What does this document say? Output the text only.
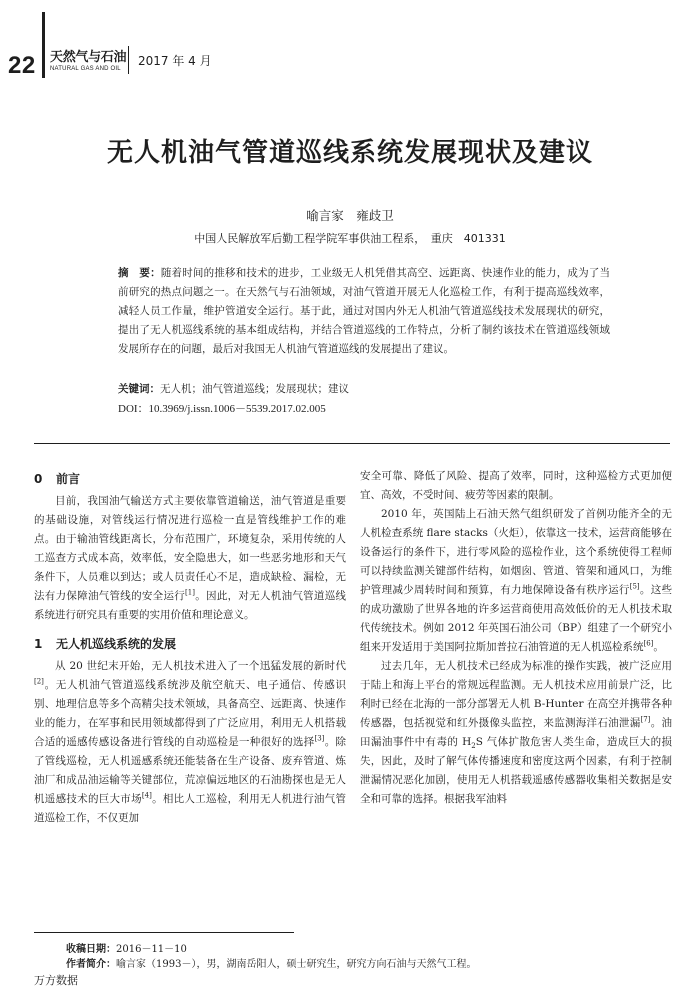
22 天然气与石油
NATURAL GAS AND OIL
2017 年 4 月
无人机油气管道巡线系统发展现状及建议
喻言家　雍歧卫
中国人民解放军后勤工程学院军事供油工程系，　重庆　401331
摘　要：随着时间的推移和技术的进步，工业级无人机凭借其高空、远距离、快速作业的能力，成为了当前研究的热点问题之一。在天然气与石油领域，对油气管道开展无人化巡检工作，有利于提高巡线效率，减轻人员工作量，维护管道安全运行。基于此，通过对国内外无人机油气管道巡线技术发展现状的研究，提出了无人机巡线系统的基本组成结构，并结合管道巡线的工作特点，分析了制约该技术在管道巡线领域发展所存在的问题，最后对我国无人机油气管道巡线的发展提出了建议。
关键词：无人机；油气管道巡线；发展现状；建议
DOI：10.3969/j.issn.1006－5539.2017.02.005
0 前言

目前，我国油气输送方式主要依靠管道输送，油气管道是重要的基础设施，对管线运行情况进行巡检一直是管线维护工作的难点。由于输油管线距离长，分布范围广，环境复杂，采用传统的人工巡查方式成本高，效率低，安全隐患大，如一些恶劣地形和天气条件下，人员难以到达；或人员责任心不足，造成缺检、漏检，无法有力保障油气管线的安全运行[1]。因此，对无人机油气管道巡线系统进行研究具有重要的实用价值和理论意义。

1 无人机巡线系统的发展

从 20 世纪末开始，无人机技术进入了一个迅猛发展的新时代[2]。无人机油气管道巡线系统涉及航空航天、电子通信、传感识别、地理信息等多个高精尖技术领域，具备高空、远距离、快速作业的能力，在军事和民用领域都得到了广泛应用，利用无人机搭载合适的遥感传感设备进行管线的自动巡检是一种很好的选择[3]。除了管线巡检，无人机遥感系统还能装备在生产设备、废弃管道、炼油厂和成品油运输等关键部位，荒凉偏远地区的石油勘探也是无人机遥感技术的巨大市场[4]。相比人工巡检，利用无人机进行油气管道巡检工作，不仅更加

安全可靠、降低了风险、提高了效率，同时，这种巡检方式更加便宜、高效，不受时间、疲劳等因素的限制。

2010 年，英国陆上石油天然气组织研发了首例功能齐全的无人机检查系统 flare stacks（火炬），依靠这一技术，运营商能够在设备运行的条件下，进行零风险的巡检作业，这个系统使得工程师可以持续监测关键部件结构，如烟囱、管道、管架和通风口，为维护管理减少周转时间和预算，有力地保障设备有秩序运行[5]。这些的成功激励了世界各地的许多运营商使用高效低价的无人机技术取代传统技术。例如 2012 年英国石油公司（BP）组建了一个研究小组来开发适用于美国阿拉斯加普拉石油管道的无人机巡检系统[6]。

过去几年，无人机技术已经成为标准的操作实践，被广泛应用于陆上和海上平台的常规远程监测。无人机技术应用前景广泛，比利时已经在北海的一部分部署无人机 B-Hunter 在高空并携带各种传感器，包括视觉和红外摄像头监控，来监测海洋石油泄漏[7]。油田漏油事件中有毒的 $H_2S$ 气体扩散危害人类生命，造成巨大的损失，因此，及时了解气体传播速度和密度这两个因素，有利于控制泄漏情况恶化加剧，使用无人机搭载遥感传感器收集相关数据是安全和可靠的选择。根据我军油料

收稿日期：2016－11－10
作者简介：喻言家（1993－），男，湖南岳阳人，硕士研究生，研究方向石油与天然气工程。
万方数据
